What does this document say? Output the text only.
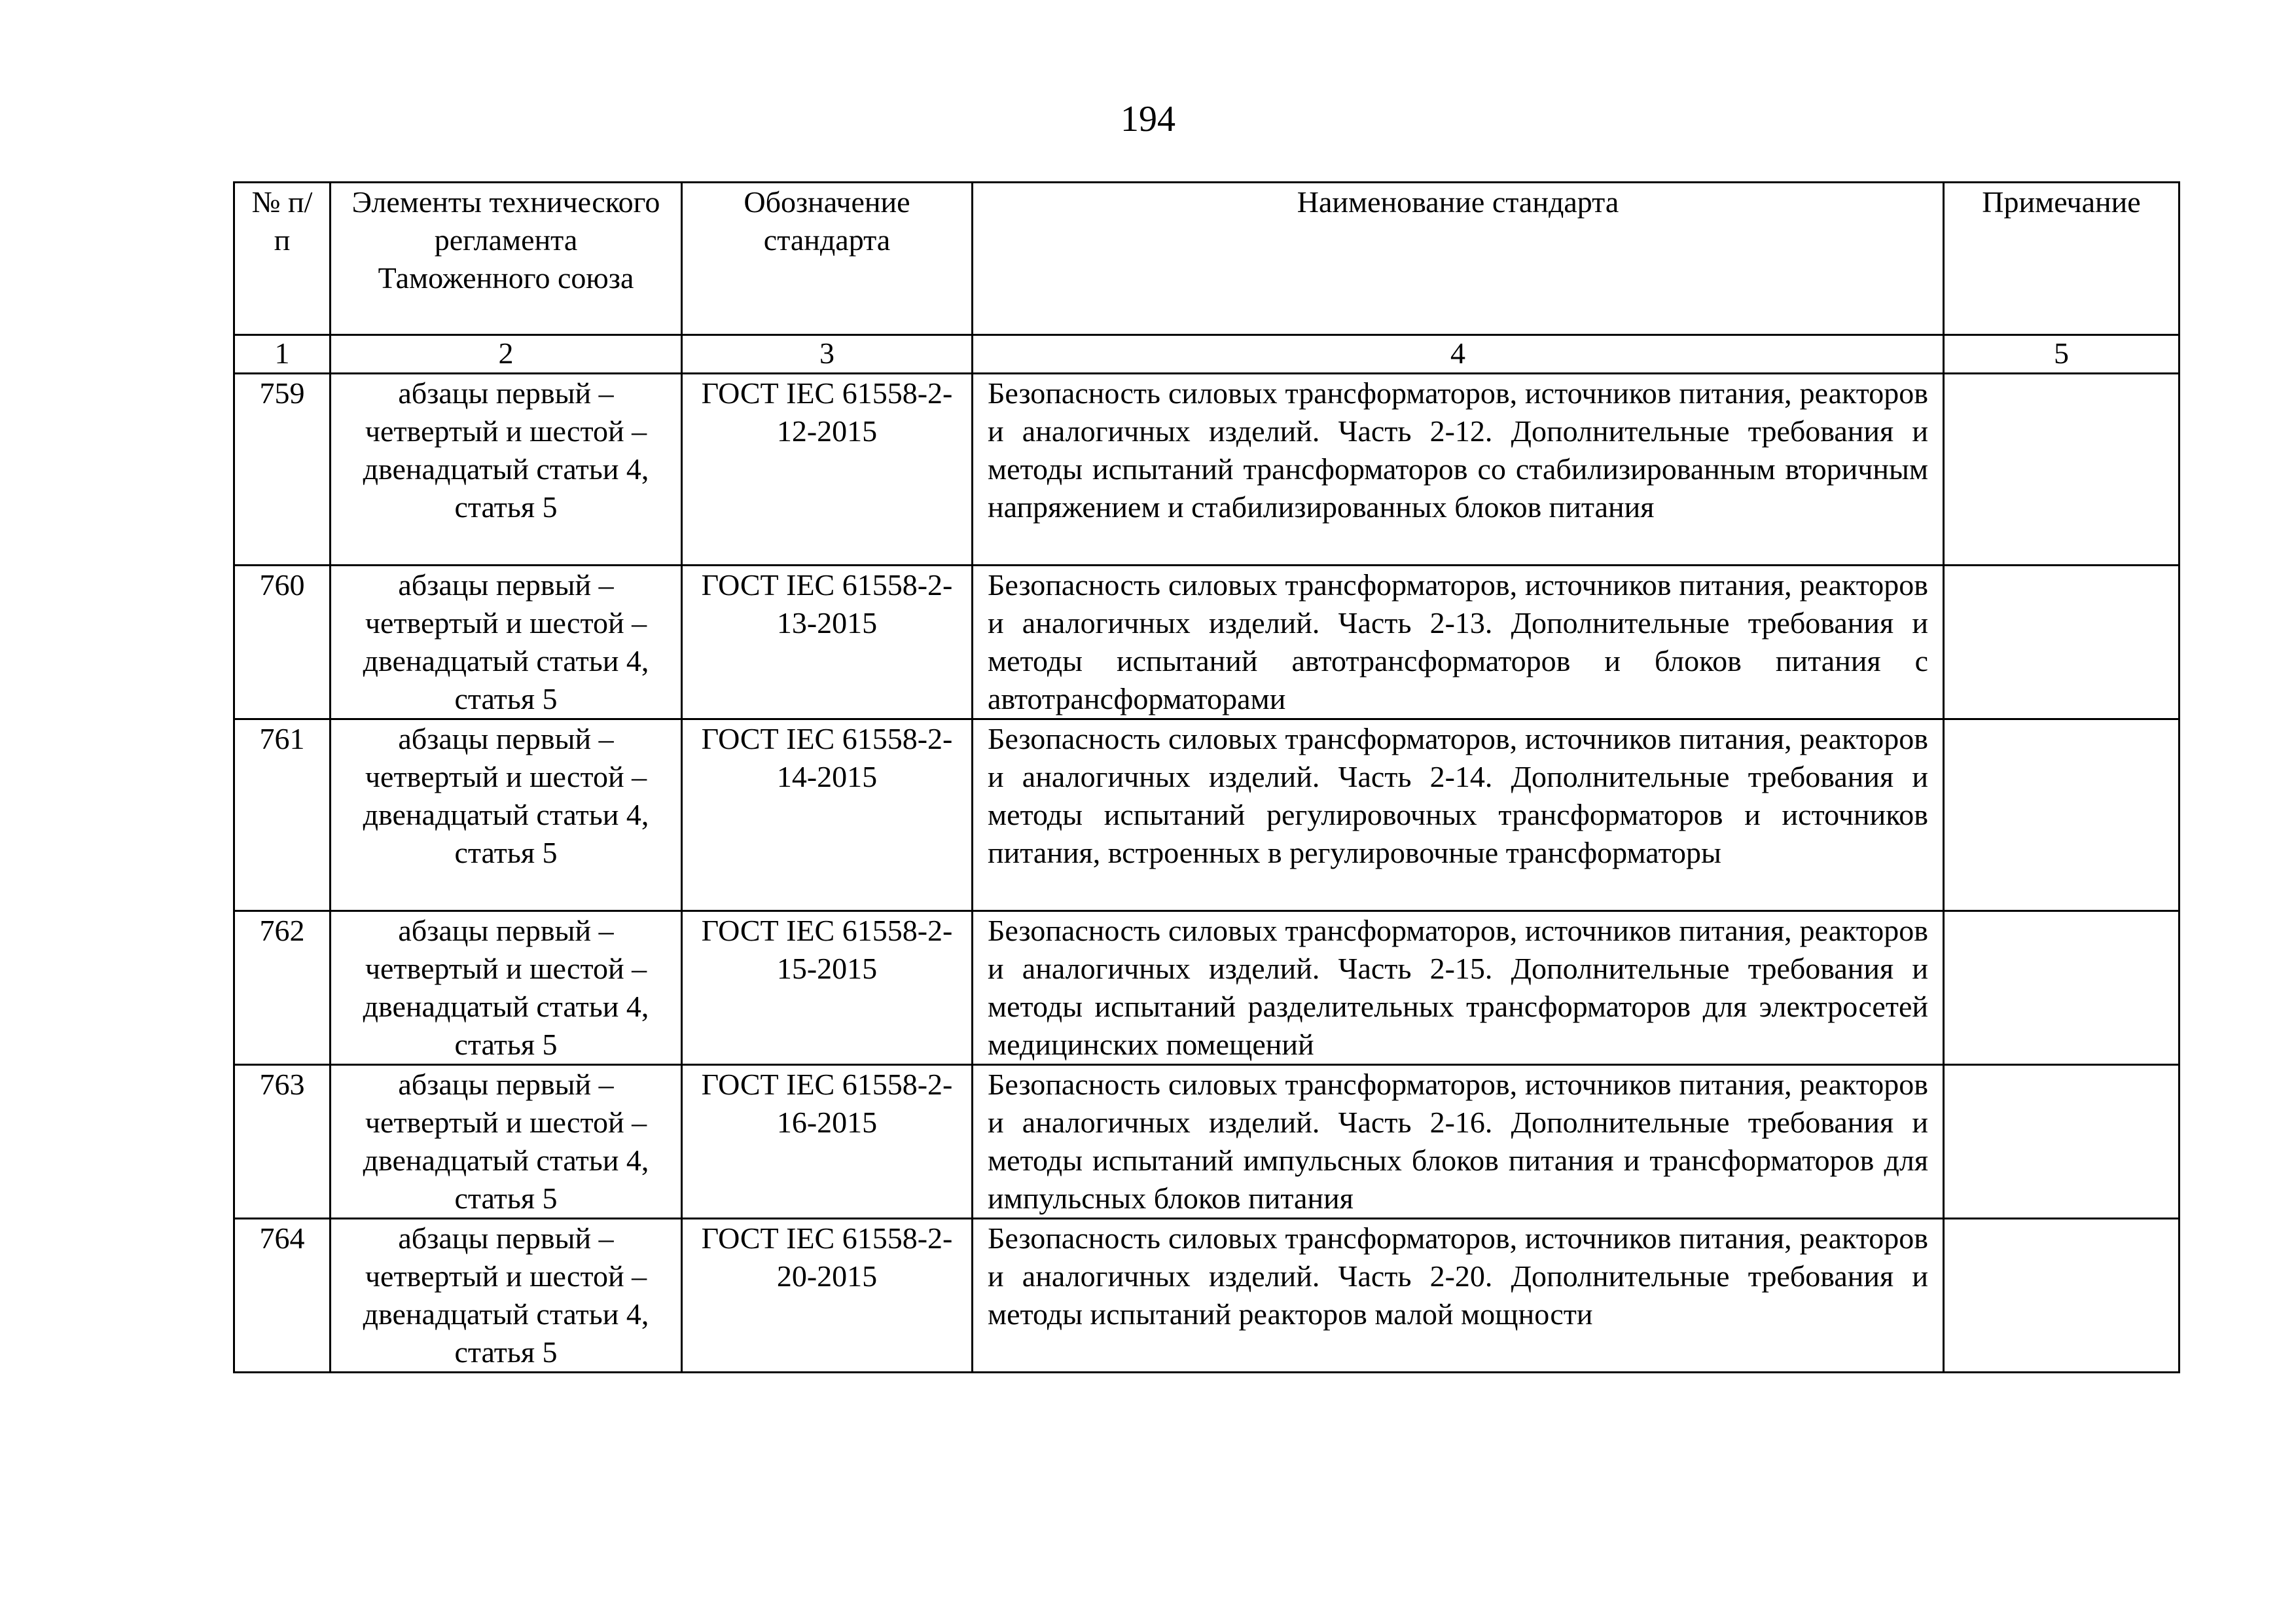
194
№ п/п	Элементы технического регламента Таможенного союза	Обозначение стандарта	Наименование стандарта	Примечание
1	2	3	4	5
759	абзацы первый – четвертый и шестой – двенадцатый статьи 4, статья 5	ГОСТ IEC 61558-2-12-2015	Безопасность силовых трансформаторов, источников питания, реакторов и аналогичных изделий. Часть 2-12. Дополнительные требования и методы испытаний трансформаторов со стабилизированным вторичным напряжением и стабилизированных блоков питания	
760	абзацы первый – четвертый и шестой – двенадцатый статьи 4, статья 5	ГОСТ IEC 61558-2-13-2015	Безопасность силовых трансформаторов, источников питания, реакторов и аналогичных изделий. Часть 2-13. Дополнительные требования и методы испытаний автотрансформаторов и блоков питания с автотрансформаторами	
761	абзацы первый – четвертый и шестой – двенадцатый статьи 4, статья 5	ГОСТ IEC 61558-2-14-2015	Безопасность силовых трансформаторов, источников питания, реакторов и аналогичных изделий. Часть 2-14. Дополнительные требования и методы испытаний регулировочных трансформаторов и источников питания, встроенных в регулировочные трансформаторы	
762	абзацы первый – четвертый и шестой – двенадцатый статьи 4, статья 5	ГОСТ IEC 61558-2-15-2015	Безопасность силовых трансформаторов, источников питания, реакторов и аналогичных изделий. Часть 2-15. Дополнительные требования и методы испытаний разделительных трансформаторов для электросетей медицинских помещений	
763	абзацы первый – четвертый и шестой – двенадцатый статьи 4, статья 5	ГОСТ IEC 61558-2-16-2015	Безопасность силовых трансформаторов, источников питания, реакторов и аналогичных изделий. Часть 2-16. Дополнительные требования и методы испытаний импульсных блоков питания и трансформаторов для импульсных блоков питания	
764	абзацы первый – четвертый и шестой – двенадцатый статьи 4, статья 5	ГОСТ IEC 61558-2-20-2015	Безопасность силовых трансформаторов, источников питания, реакторов и аналогичных изделий. Часть 2-20. Дополнительные требования и методы испытаний реакторов малой мощности	
